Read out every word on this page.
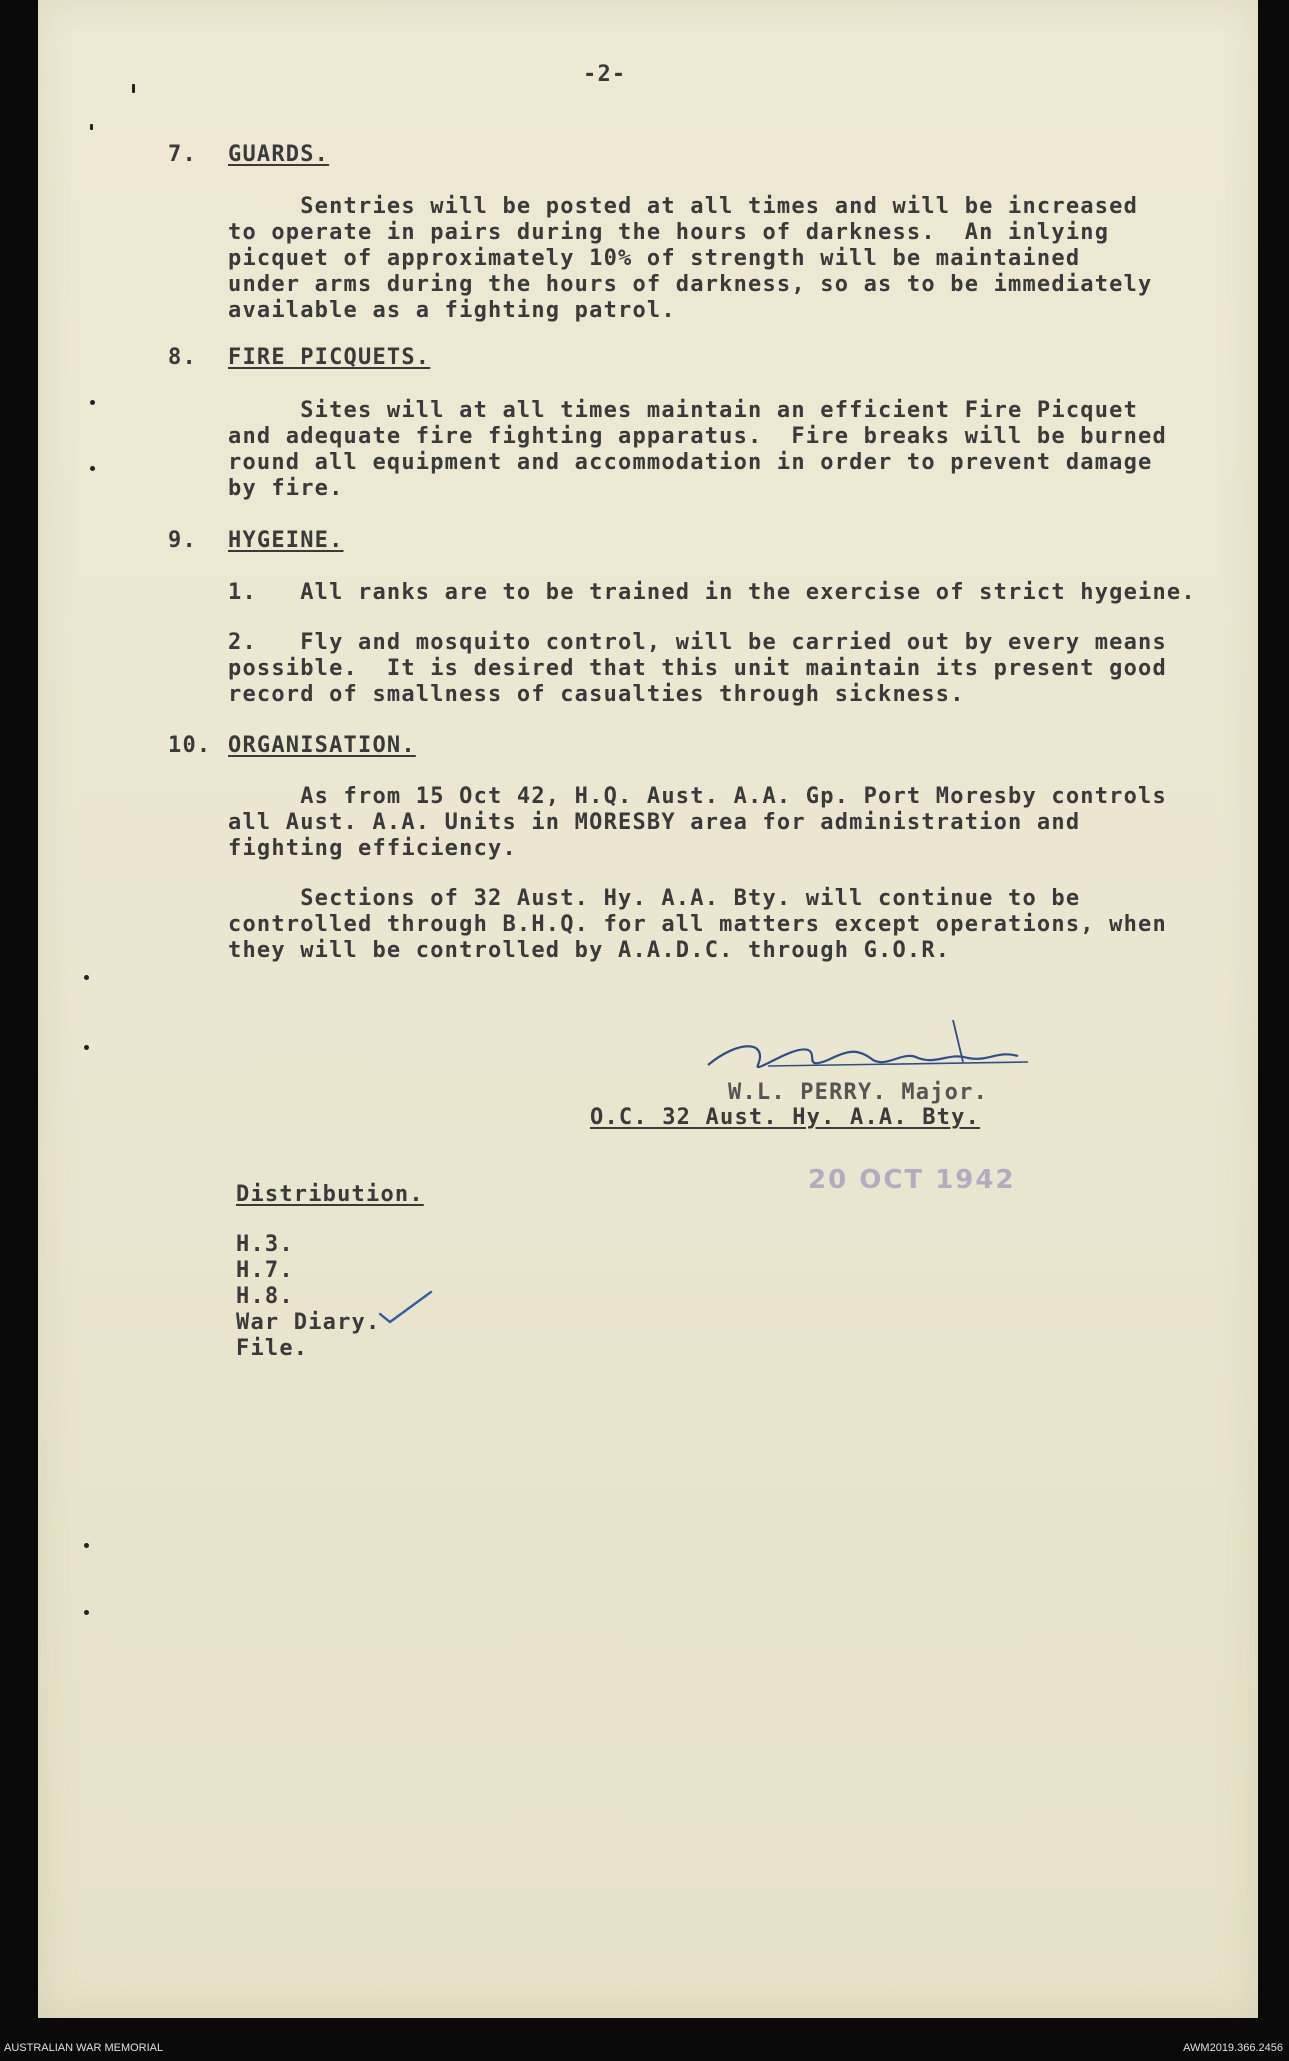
-2-
7. GUARDS.
Sentries will be posted at all times and will be increased
to operate in pairs during the hours of darkness.  An inlying
picquet of approximately 10% of strength will be maintained
under arms during the hours of darkness, so as to be immediately
available as a fighting patrol.
8. FIRE PICQUETS.
Sites will at all times maintain an efficient Fire Picquet
and adequate fire fighting apparatus.  Fire breaks will be burned
round all equipment and accommodation in order to prevent damage
by fire.
9. HYGEINE.
1.   All ranks are to be trained in the exercise of strict hygeine.
2.   Fly and mosquito control, will be carried out by every means
possible.  It is desired that this unit maintain its present good
record of smallness of casualties through sickness.
10. ORGANISATION.
As from 15 Oct 42, H.Q. Aust. A.A. Gp. Port Moresby controls
all Aust. A.A. Units in MORESBY area for administration and
fighting efficiency.
Sections of 32 Aust. Hy. A.A. Bty. will continue to be
controlled through B.H.Q. for all matters except operations, when
they will be controlled by A.A.D.C. through G.O.R.
W.L. PERRY. Major.
O.C. 32 Aust. Hy. A.A. Bty.
20 OCT 1942
Distribution.
H.3.
H.7.
H.8.
War Diary.
File.
AUSTRALIAN WAR MEMORIAL	AWM2019.366.2456
